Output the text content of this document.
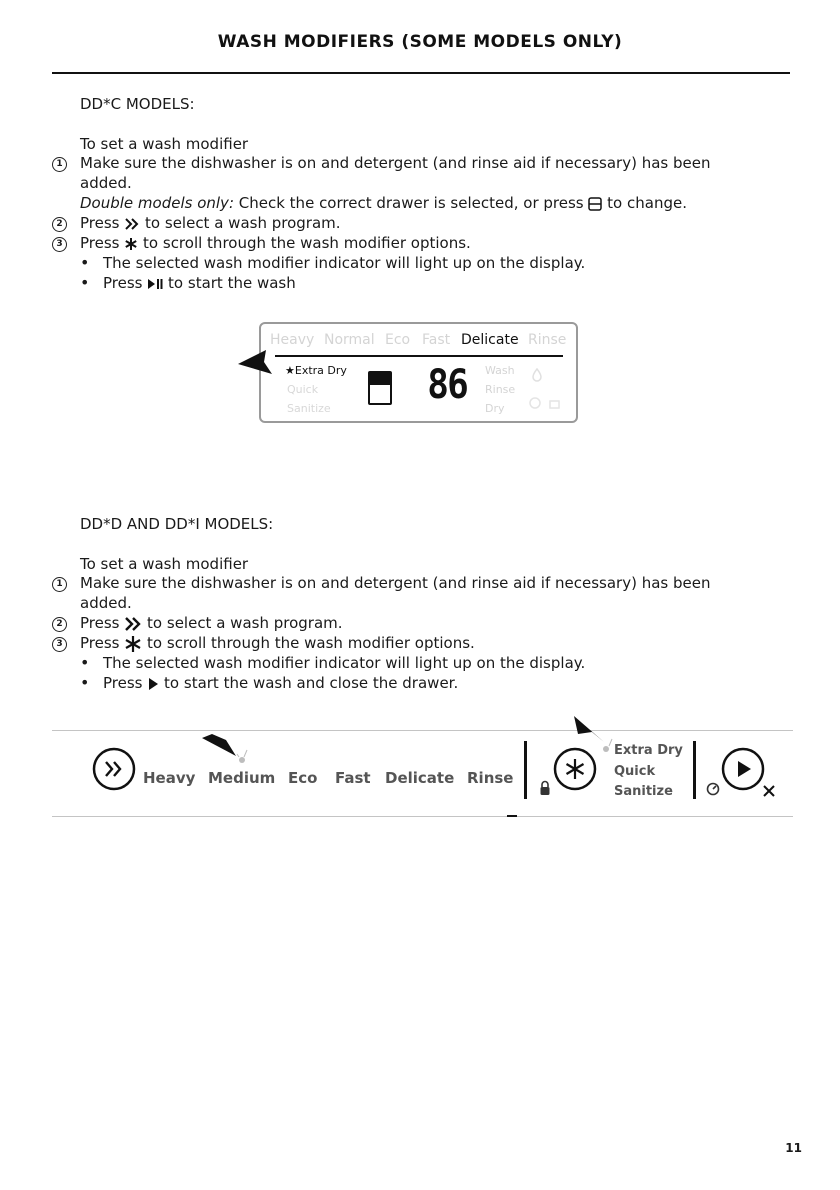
WASH MODIFIERS (SOME MODELS ONLY)
DD*C MODELS:
To set a wash modifier
1 Make sure the dishwasher is on and detergent (and rinse aid if necessary) has been
added.
Double models only: Check the correct drawer is selected, or press to change.
2 Press to select a wash program.
3 Press to scroll through the wash modifier options.
• The selected wash modifier indicator will light up on the display.
• Press to start the wash
Heavy Normal Eco Fast Delicate Rinse
★Extra Dry
Quick
Sanitize
86 Wash
Rinse
Dry
DD*D AND DD*I MODELS:
To set a wash modifier
1 Make sure the dishwasher is on and detergent (and rinse aid if necessary) has been
added.
2 Press to select a wash program.
3 Press to scroll through the wash modifier options.
• The selected wash modifier indicator will light up on the display.
• Press to start the wash and close the drawer.
Heavy Medium Eco Fast Delicate Rinse
Extra Dry
Quick
Sanitize
11
